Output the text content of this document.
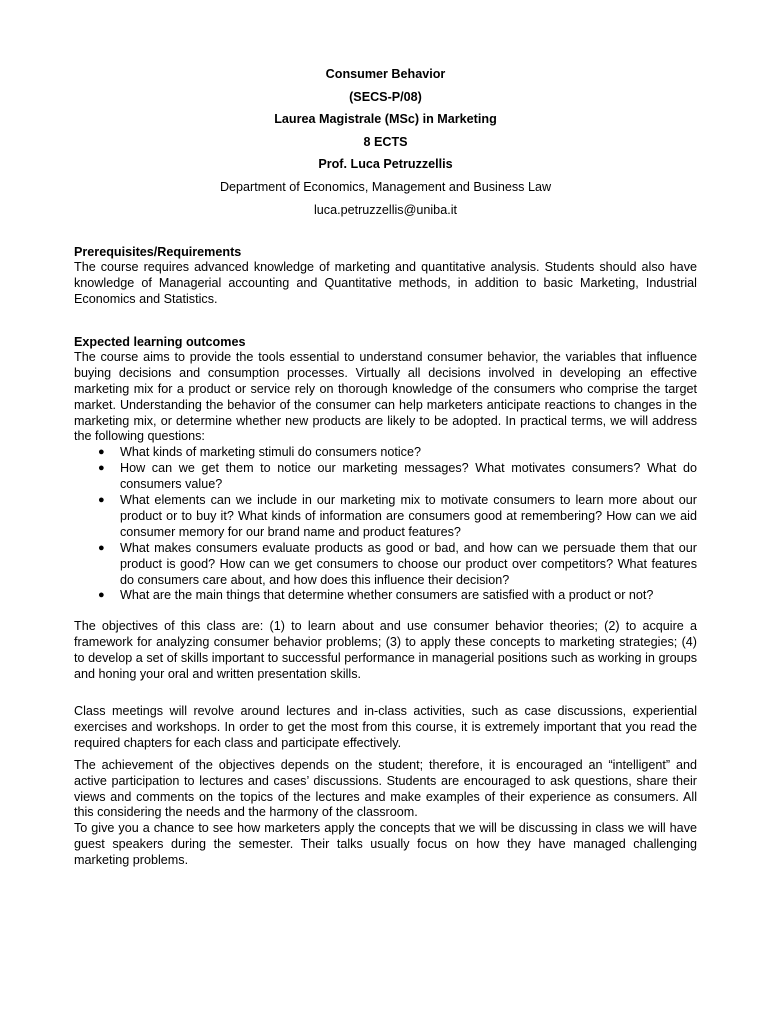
Consumer Behavior
(SECS-P/08)
Laurea Magistrale (MSc) in Marketing
8 ECTS
Prof. Luca Petruzzellis
Department of Economics, Management and Business Law
luca.petruzzellis@uniba.it
Prerequisites/Requirements

The course requires advanced knowledge of marketing and quantitative analysis. Students should also have knowledge of Managerial accounting and Quantitative methods, in addition to basic Marketing, Industrial Economics and Statistics.

Expected learning outcomes

The course aims to provide the tools essential to understand consumer behavior, the variables that influence buying decisions and consumption processes. Virtually all decisions involved in developing an effective marketing mix for a product or service rely on thorough knowledge of the consumers who comprise the target market. Understanding the behavior of the consumer can help marketers anticipate reactions to changes in the marketing mix, or determine whether new products are likely to be adopted. In practical terms, we will address the following questions:

● What kinds of marketing stimuli do consumers notice?
● How can we get them to notice our marketing messages? What motivates consumers? What do consumers value?
● What elements can we include in our marketing mix to motivate consumers to learn more about our product or to buy it? What kinds of information are consumers good at remembering? How can we aid consumer memory for our brand name and product features?
● What makes consumers evaluate products as good or bad, and how can we persuade them that our product is good? How can we get consumers to choose our product over competitors? What features do consumers care about, and how does this influence their decision?
● What are the main things that determine whether consumers are satisfied with a product or not?

The objectives of this class are: (1) to learn about and use consumer behavior theories; (2) to acquire a framework for analyzing consumer behavior problems; (3) to apply these concepts to marketing strategies; (4) to develop a set of skills important to successful performance in managerial positions such as working in groups and honing your oral and written presentation skills.

Class meetings will revolve around lectures and in-class activities, such as case discussions, experiential exercises and workshops. In order to get the most from this course, it is extremely important that you read the required chapters for each class and participate effectively.

The achievement of the objectives depends on the student; therefore, it is encouraged an “intelligent” and active participation to lectures and cases’ discussions. Students are encouraged to ask questions, share their views and comments on the topics of the lectures and make examples of their experience as consumers. All this considering the needs and the harmony of the classroom.

To give you a chance to see how marketers apply the concepts that we will be discussing in class we will have guest speakers during the semester. Their talks usually focus on how they have managed challenging marketing problems.
